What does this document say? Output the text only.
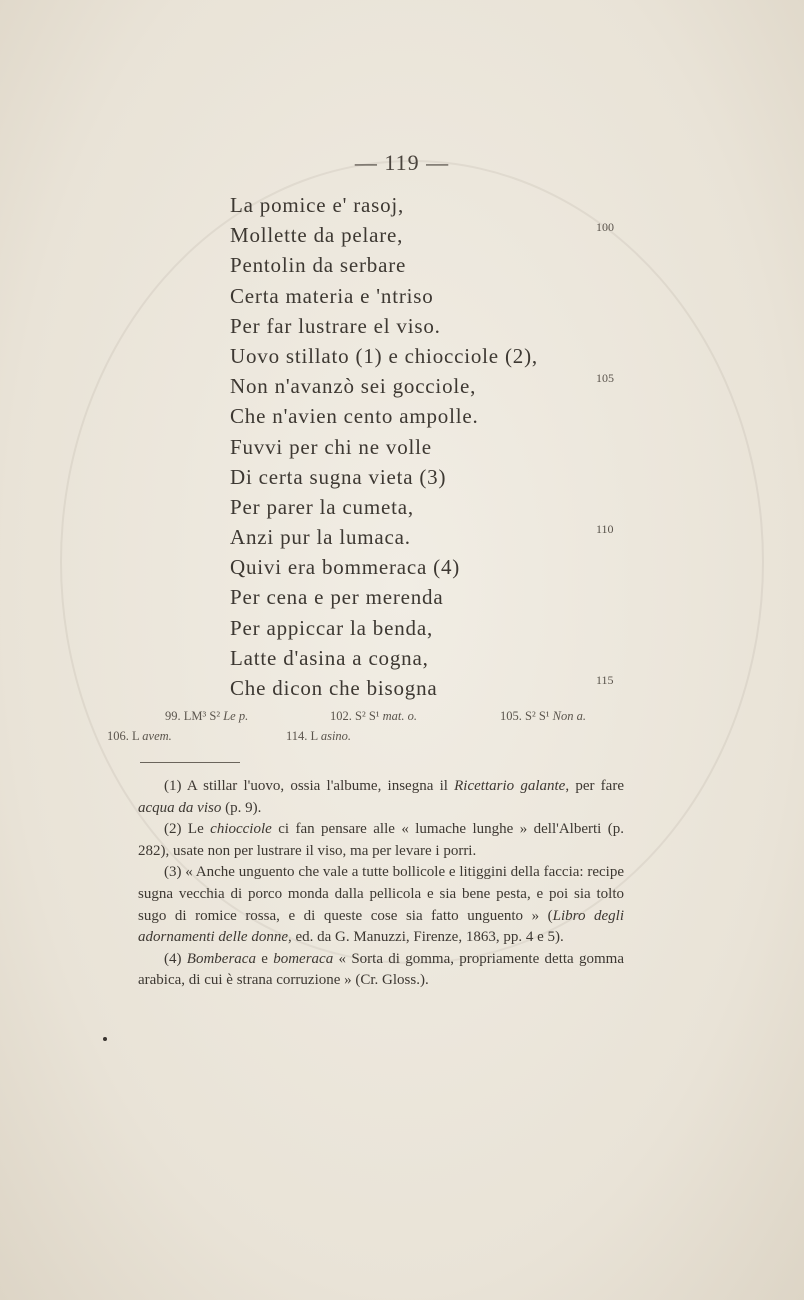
— 119 —
La pomice e' rasoj,
Mollette da pelare,
Pentolin da serbare
Certa materia e 'ntriso
Per far lustrare el viso.
Uovo stillato (1) e chiocciole (2),
Non n'avanzò sei gocciole,
Che n'avien cento ampolle.
Fuvvi per chi ne volle
Di certa sugna vieta (3)
Per parer la cumeta,
Anzi pur la lumaca.
Quivi era bommeraca (4)
Per cena e per merenda
Per appiccar la benda,
Latte d'asina a cogna,
Che dicon che bisogna
100
105
110
115
99. LM³ S² Le p.	102. S² S¹ mat. o.	105. S² S¹ Non a.
106. L avem.	114. L asino.

(1) A stillar l'uovo, ossia l'albume, insegna il Ricettario galante, per fare acqua da viso (p. 9).

(2) Le chiocciole ci fan pensare alle « lumache lunghe » dell'Alberti (p. 282), usate non per lustrare il viso, ma per levare i porri.

(3) « Anche unguento che vale a tutte bollicole e litiggini della faccia: recipe sugna vecchia di porco monda dalla pellicola e sia bene pesta, e poi sia tolto sugo di romice rossa, e di queste cose sia fatto unguento » (Libro degli adornamenti delle donne, ed. da G. Manuzzi, Firenze, 1863, pp. 4 e 5).

(4) Bomberaca e bomeraca « Sorta di gomma, propriamente detta gomma arabica, di cui è strana corruzione » (Cr. Gloss.).
